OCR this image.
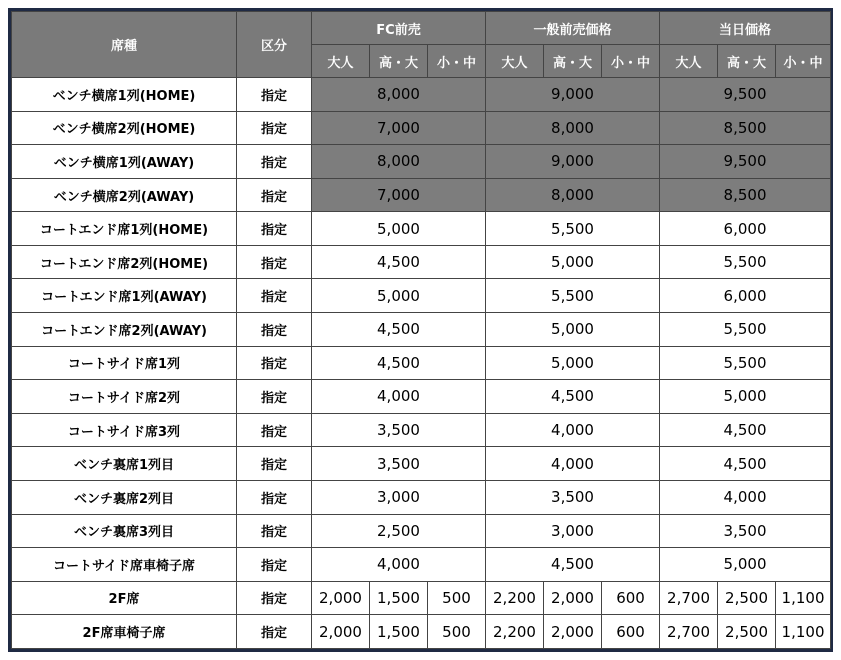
席種	区分	FC前売			一般前売価格			当日価格		
		大人	高・大	小・中	大人	高・大	小・中	大人	高・大	小・中
ベンチ横席1列(HOME)	指定	8,000			9,000			9,500		
ベンチ横席2列(HOME)	指定	7,000			8,000			8,500		
ベンチ横席1列(AWAY)	指定	8,000			9,000			9,500		
ベンチ横席2列(AWAY)	指定	7,000			8,000			8,500		
コートエンド席1列(HOME)	指定	5,000			5,500			6,000		
コートエンド席2列(HOME)	指定	4,500			5,000			5,500		
コートエンド席1列(AWAY)	指定	5,000			5,500			6,000		
コートエンド席2列(AWAY)	指定	4,500			5,000			5,500		
コートサイド席1列	指定	4,500			5,000			5,500		
コートサイド席2列	指定	4,000			4,500			5,000		
コートサイド席3列	指定	3,500			4,000			4,500		
ベンチ裏席1列目	指定	3,500			4,000			4,500		
ベンチ裏席2列目	指定	3,000			3,500			4,000		
ベンチ裏席3列目	指定	2,500			3,000			3,500		
コートサイド席車椅子席	指定	4,000			4,500			5,000		
2F席	指定	2,000	1,500	500	2,200	2,000	600	2,700	2,500	1,100
2F席車椅子席	指定	2,000	1,500	500	2,200	2,000	600	2,700	2,500	1,100
